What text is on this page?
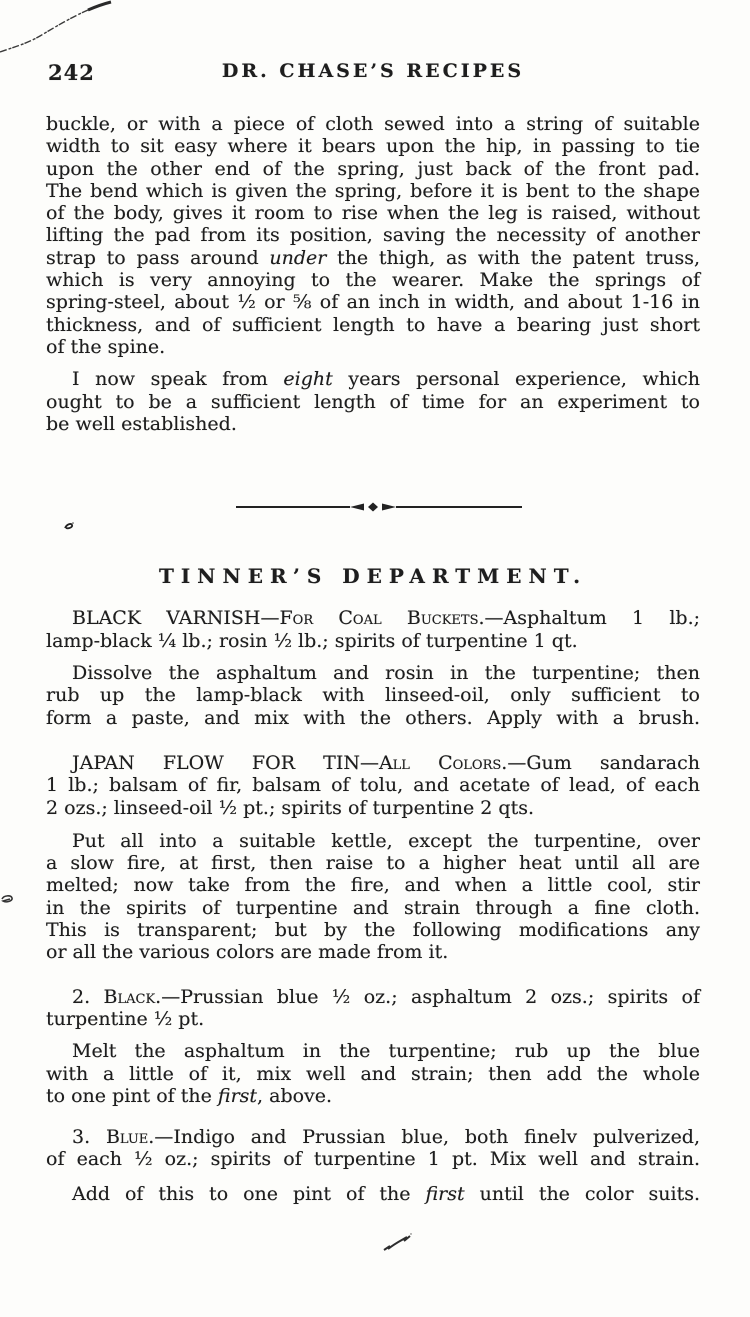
242	DR. CHASE’S RECIPES
buckle, or with a piece of cloth sewed into a string of suitable
width to sit easy where it bears upon the hip, in passing to tie
upon the other end of the spring, just back of the front pad.
The bend which is given the spring, before it is bent to the shape
of the body, gives it room to rise when the leg is raised, without
lifting the pad from its position, saving the necessity of another
strap to pass around under the thigh, as with the patent truss,
which is very annoying to the wearer. Make the springs of
spring-steel, about ½ or ⅝ of an inch in width, and about 1-16 in
thickness, and of sufficient length to have a bearing just short
of the spine.
I now speak from eight years personal experience, which
ought to be a sufficient length of time for an experiment to
be well established.
TINNER’S DEPARTMENT.
BLACK VARNISH—For Coal Buckets.—Asphaltum 1 lb.;
lamp-black ¼ lb.; rosin ½ lb.; spirits of turpentine 1 qt.
Dissolve the asphaltum and rosin in the turpentine; then
rub up the lamp-black with linseed-oil, only sufficient to
form a paste, and mix with the others. Apply with a brush.
JAPAN FLOW FOR TIN—All Colors.—Gum sandarach
1 lb.; balsam of fir, balsam of tolu, and acetate of lead, of each
2 ozs.; linseed-oil ½ pt.; spirits of turpentine 2 qts.
Put all into a suitable kettle, except the turpentine, over
a slow fire, at first, then raise to a higher heat until all are
melted; now take from the fire, and when a little cool, stir
in the spirits of turpentine and strain through a fine cloth.
This is transparent; but by the following modifications any
or all the various colors are made from it.
2. Black.—Prussian blue ½ oz.; asphaltum 2 ozs.; spirits of
turpentine ½ pt.
Melt the asphaltum in the turpentine; rub up the blue
with a little of it, mix well and strain; then add the whole
to one pint of the first, above.
3. Blue.—Indigo and Prussian blue, both finelv pulverized,
of each ½ oz.; spirits of turpentine 1 pt. Mix well and strain.
Add of this to one pint of the first until the color suits.
